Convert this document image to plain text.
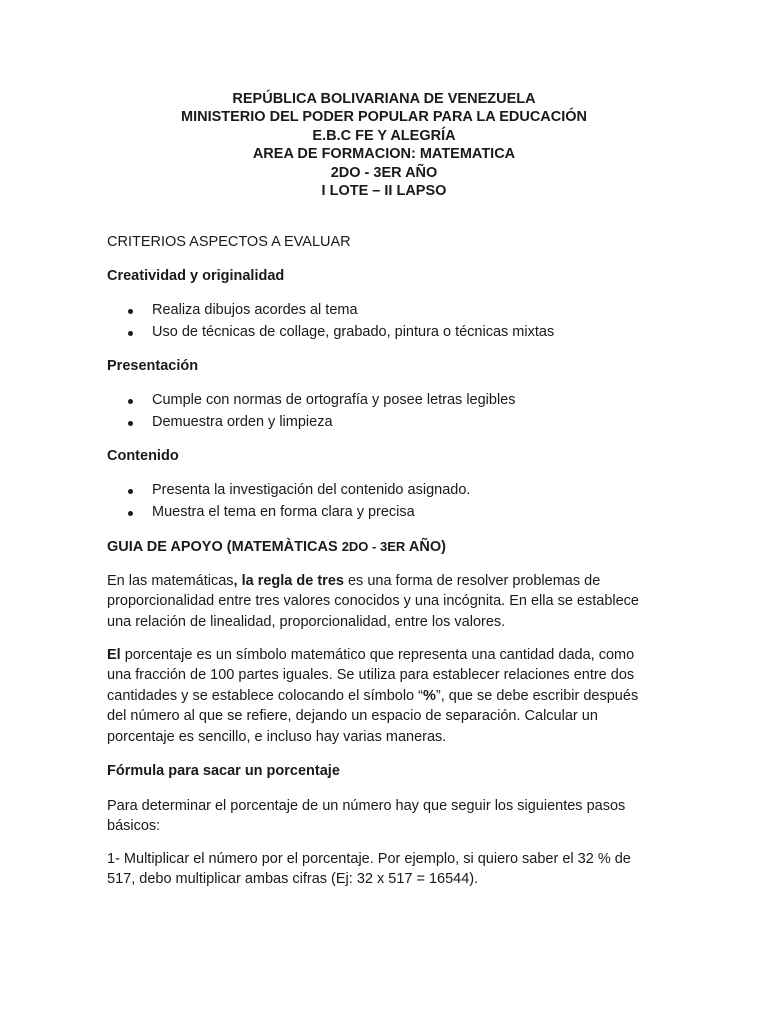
REPÚBLICA BOLIVARIANA DE VENEZUELA
MINISTERIO DEL PODER POPULAR PARA LA EDUCACIÓN
E.B.C FE Y ALEGRÍA
AREA DE FORMACION: MATEMATICA
2DO - 3ER AÑO
I LOTE – II LAPSO
CRITERIOS ASPECTOS A EVALUAR
Creatividad y originalidad
Realiza dibujos acordes al tema
Uso de técnicas de collage, grabado, pintura o técnicas mixtas
Presentación
Cumple con normas de ortografía y posee letras legibles
Demuestra orden y limpieza
Contenido
Presenta la investigación del contenido asignado.
Muestra el tema en forma clara y precisa
GUIA DE APOYO (MATEMÀTICAS 2DO - 3ER AÑO)
En las matemáticas, la regla de tres es una forma de resolver problemas de
proporcionalidad entre tres valores conocidos y una incógnita. En ella se establece
una relación de linealidad, proporcionalidad, entre los valores.
El porcentaje es un símbolo matemático que representa una cantidad dada, como
una fracción de 100 partes iguales. Se utiliza para establecer relaciones entre dos
cantidades y se establece colocando el símbolo “%”, que se debe escribir después
del número al que se refiere, dejando un espacio de separación. Calcular un
porcentaje es sencillo, e incluso hay varias maneras.
Fórmula para sacar un porcentaje
Para determinar el porcentaje de un número hay que seguir los siguientes pasos
básicos:
1- Multiplicar el número por el porcentaje. Por ejemplo, si quiero saber el 32 % de
517, debo multiplicar ambas cifras (Ej: 32 x 517 = 16544).
